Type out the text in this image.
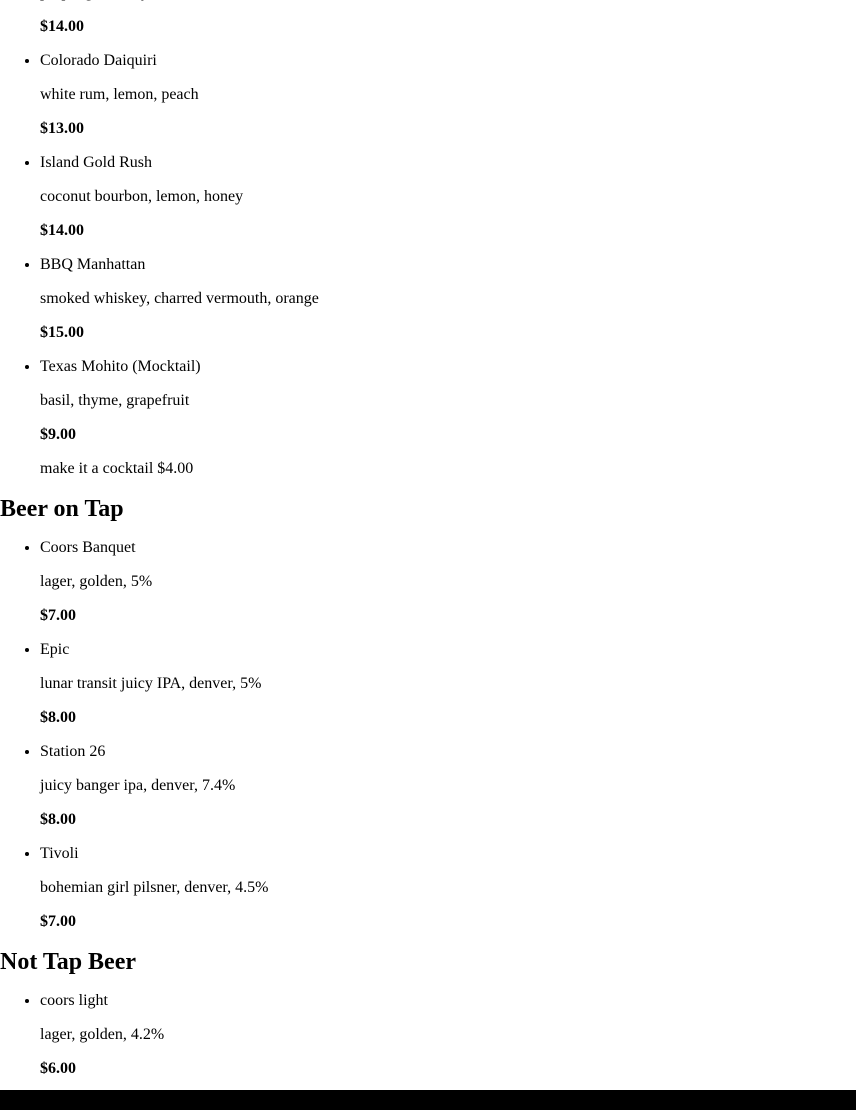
$14.00

• Colorado Daiquiri

white rum, lemon, peach

$13.00

• Island Gold Rush

coconut bourbon, lemon, honey

$14.00

• BBQ Manhattan

smoked whiskey, charred vermouth, orange

$15.00

• Texas Mohito (Mocktail)

basil, thyme, grapefruit

$9.00

make it a cocktail $4.00

Beer on Tap

• Coors Banquet

lager, golden, 5%

$7.00

• Epic

lunar transit juicy IPA, denver, 5%

$8.00

• Station 26

juicy banger ipa, denver, 7.4%

$8.00

• Tivoli

bohemian girl pilsner, denver, 4.5%

$7.00

Not Tap Beer

• coors light

lager, golden, 4.2%

$6.00
